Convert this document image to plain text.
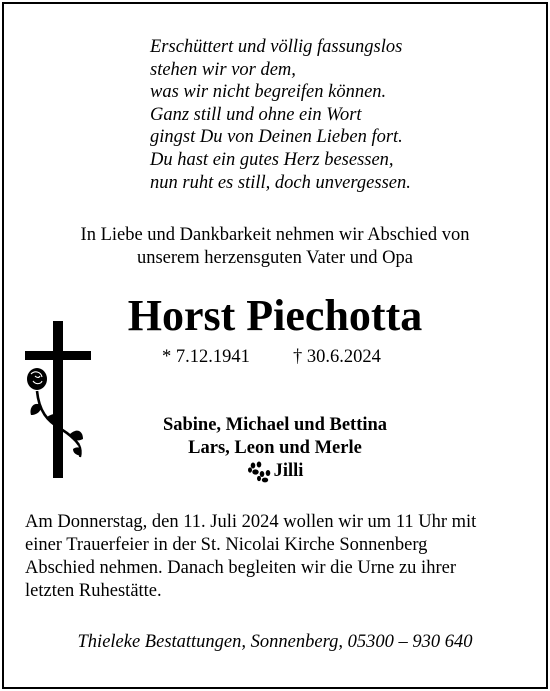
Erschüttert und völlig fassungslos
stehen wir vor dem,
was wir nicht begreifen können.
Ganz still und ohne ein Wort
gingst Du von Deinen Lieben fort.
Du hast ein gutes Herz besessen,
nun ruht es still, doch unvergessen.
In Liebe und Dankbarkeit nehmen wir Abschied von
unserem herzensguten Vater und Opa
Horst Piechotta
* 7.12.1941 † 30.6.2024
Sabine, Michael und Bettina
Lars, Leon und Merle
Jilli
Am Donnerstag, den 11. Juli 2024 wollen wir um 11 Uhr mit
einer Trauerfeier in der St. Nicolai Kirche Sonnenberg
Abschied nehmen. Danach begleiten wir die Urne zu ihrer
letzten Ruhestätte.
Thieleke Bestattungen, Sonnenberg, 05300 – 930 640
